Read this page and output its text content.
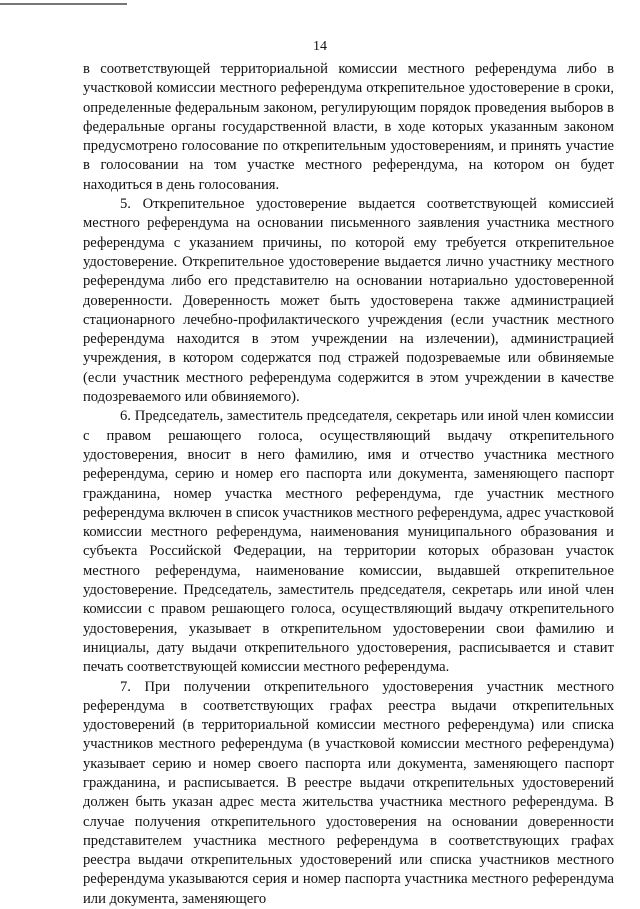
14

в соответствующей территориальной комиссии местного референдума либо в участковой комиссии местного референдума открепительное удостоверение в сроки, определенные федеральным законом, регулирующим порядок проведения выборов в федеральные органы государственной власти, в ходе которых указанным законом предусмотрено голосование по открепительным удостоверениям, и принять участие в голосовании на том участке местного референдума, на котором он будет находиться в день голосования.

5. Открепительное удостоверение выдается соответствующей комиссией местного референдума на основании письменного заявления участника местного референдума с указанием причины, по которой ему требуется открепительное удостоверение. Открепительное удостоверение выдается лично участнику местного референдума либо его представителю на основании нотариально удостоверенной доверенности. Доверенность может быть удостоверена также администрацией стационарного лечебно-профилактического учреждения (если участник местного референдума находится в этом учреждении на излечении), администрацией учреждения, в котором содержатся под стражей подозреваемые или обвиняемые (если участник местного референдума содержится в этом учреждении в качестве подозреваемого или обвиняемого).

6. Председатель, заместитель председателя, секретарь или иной член комиссии с правом решающего голоса, осуществляющий выдачу открепительного удостоверения, вносит в него фамилию, имя и отчество участника местного референдума, серию и номер его паспорта или документа, заменяющего паспорт гражданина, номер участка местного референдума, где участник местного референдума включен в список участников местного референдума, адрес участковой комиссии местного референдума, наименования муниципального образования и субъекта Российской Федерации, на территории которых образован участок местного референдума, наименование комиссии, выдавшей открепительное удостоверение. Председатель, заместитель председателя, секретарь или иной член комиссии с правом решающего голоса, осуществляющий выдачу открепительного удостоверения, указывает в открепительном удостоверении свои фамилию и инициалы, дату выдачи открепительного удостоверения, расписывается и ставит печать соответствующей комиссии местного референдума.

7. При получении открепительного удостоверения участник местного референдума в соответствующих графах реестра выдачи открепительных удостоверений (в территориальной комиссии местного референдума) или списка участников местного референдума (в участковой комиссии местного референдума) указывает серию и номер своего паспорта или документа, заменяющего паспорт гражданина, и расписывается. В реестре выдачи открепительных удостоверений должен быть указан адрес места жительства участника местного референдума. В случае получения открепительного удостоверения на основании доверенности представителем участника местного референдума в соответствующих графах реестра выдачи открепительных удостоверений или списка участников местного референдума указываются серия и номер паспорта участника местного референдума или документа, заменяющего
